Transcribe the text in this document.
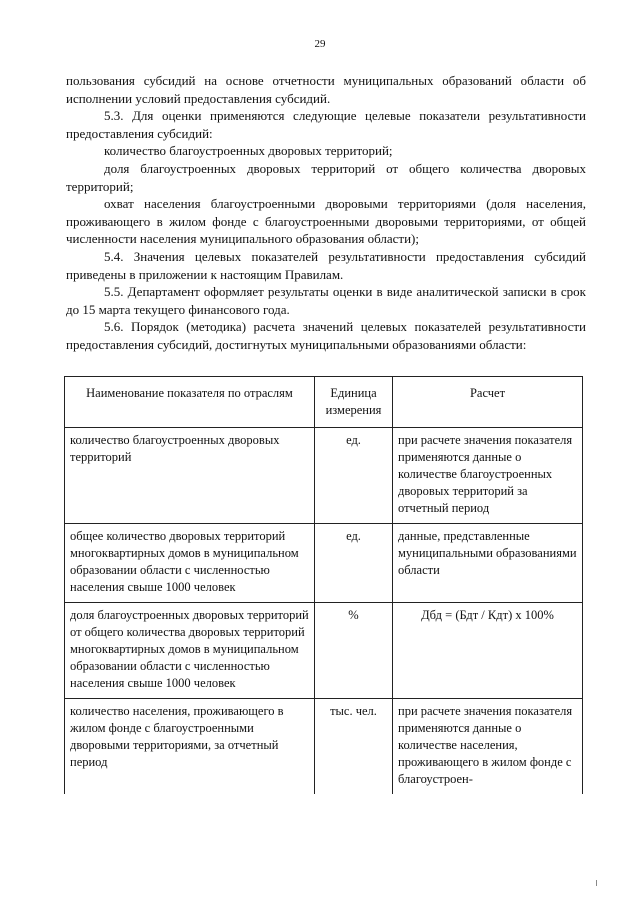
29

пользования субсидий на основе отчетности муниципальных образований области об исполнении условий предоставления субсидий.

5.3. Для оценки применяются следующие целевые показатели результативности предоставления субсидий:

количество благоустроенных дворовых территорий;

доля благоустроенных дворовых территорий от общего количества дворовых территорий;

охват населения благоустроенными дворовыми территориями (доля населения, проживающего в жилом фонде с благоустроенными дворовыми территориями, от общей численности населения муниципального образования области);

5.4. Значения целевых показателей результативности предоставления субсидий приведены в приложении к настоящим Правилам.

5.5. Департамент оформляет результаты оценки в виде аналитической записки в срок до 15 марта текущего финансового года.

5.6. Порядок (методика) расчета значений целевых показателей результативности предоставления субсидий, достигнутых муниципальными образованиями области:

Наименование показателя по отраслям	Единица измерения	Расчет
количество благоустроенных дворовых территорий	ед.	при расчете значения показателя применяются данные о количестве благоустроенных дворовых территорий за отчетный период
общее количество дворовых территорий многоквартирных домов в муниципальном образовании области с численностью населения свыше 1000 человек	ед.	данные, представленные муниципальными образованиями области
доля благоустроенных дворовых территорий от общего количества дворовых территорий многоквартирных домов в муниципальном образовании области с численностью населения свыше 1000 человек	%	Дбд = (Бдт / Кдт) х 100%
количество населения, проживающего в жилом фонде с благоустроенными дворовыми территориями, за отчетный период	тыс. чел.	при расчете значения показателя применяются данные о количестве населения, проживающего в жилом фонде с благоустроен-
